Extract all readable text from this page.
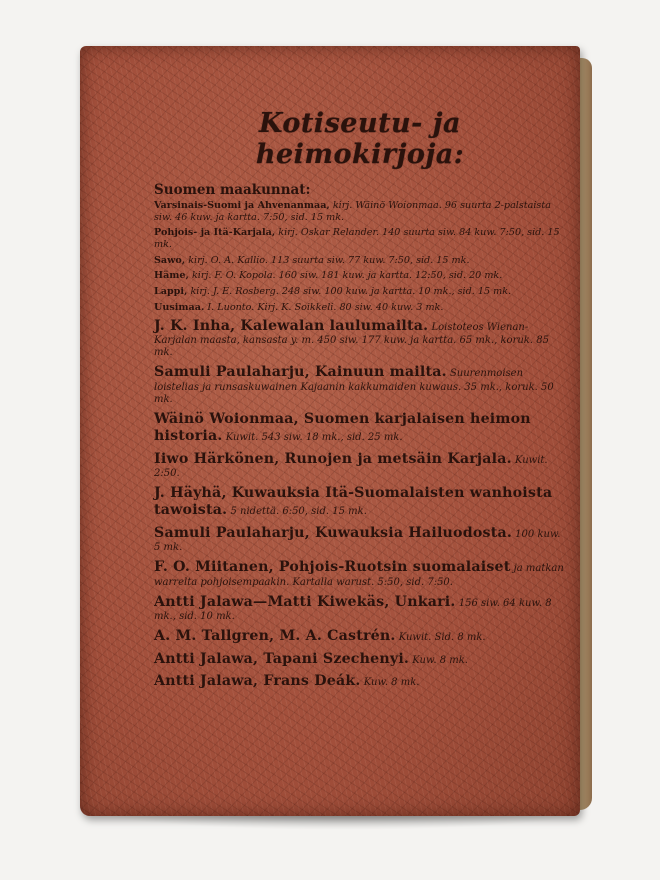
Kotiseutu- ja heimokirjoja:
Suomen maakunnat:
Varsinais-Suomi ja Ahvenanmaa, kirj. Wäinö Woionmaa. 96 suurta 2-palstaista siw. 46 kuw. ja kartta. 7:50, sid. 15 mk.
Pohjois- ja Itä-Karjala, kirj. Oskar Relander. 140 suurta siw. 84 kuw. 7:50, sid. 15 mk.
Sawo, kirj. O. A. Kallio. 113 suurta siw. 77 kuw. 7:50, sid. 15 mk.
Häme, kirj. F. O. Kopola. 160 siw. 181 kuw. ja kartta. 12:50, sid. 20 mk.
Lappi, kirj. J. E. Rosberg. 248 siw. 100 kuw. ja kartta. 10 mk., sid. 15 mk.
Uusimaa. I. Luonto. Kirj. K. Soikkeli. 80 siw. 40 kuw. 3 mk.
J. K. Inha, Kalewalan laulumailta. Loistoteos Wienan-Karjalan maasta, kansasta y. m. 450 siw. 177 kuw. ja kartta. 65 mk., koruk. 85 mk.
Samuli Paulaharju, Kainuun mailta. Suurenmoisen loistelias ja runsaskuwainen Kajaanin kakkumaiden kuwaus. 35 mk., koruk. 50 mk.
Wäinö Woionmaa, Suomen karjalaisen heimon historia. Kuwit. 543 siw. 18 mk., sid. 25 mk.
Iiwo Härkönen, Runojen ja metsäin Karjala. Kuwit. 2:50.
J. Häyhä, Kuwauksia Itä-Suomalaisten wanhoista tawoista. 5 nidettä. 6:50, sid. 15 mk.
Samuli Paulaharju, Kuwauksia Hailuodosta. 100 kuw. 5 mk.
F. O. Miitanen, Pohjois-Ruotsin suomalaiset ja matkan warrelta pohjoisempaakin. Kartalla warust. 5:50, sid. 7:50.
Antti Jalawa—Matti Kiwekäs, Unkari. 156 siw. 64 kuw. 8 mk., sid. 10 mk.
A. M. Tallgren, M. A. Castrén. Kuwit. Sid. 8 mk.
Antti Jalawa, Tapani Szechenyi. Kuw. 8 mk.
Antti Jalawa, Frans Deák. Kuw. 8 mk.
